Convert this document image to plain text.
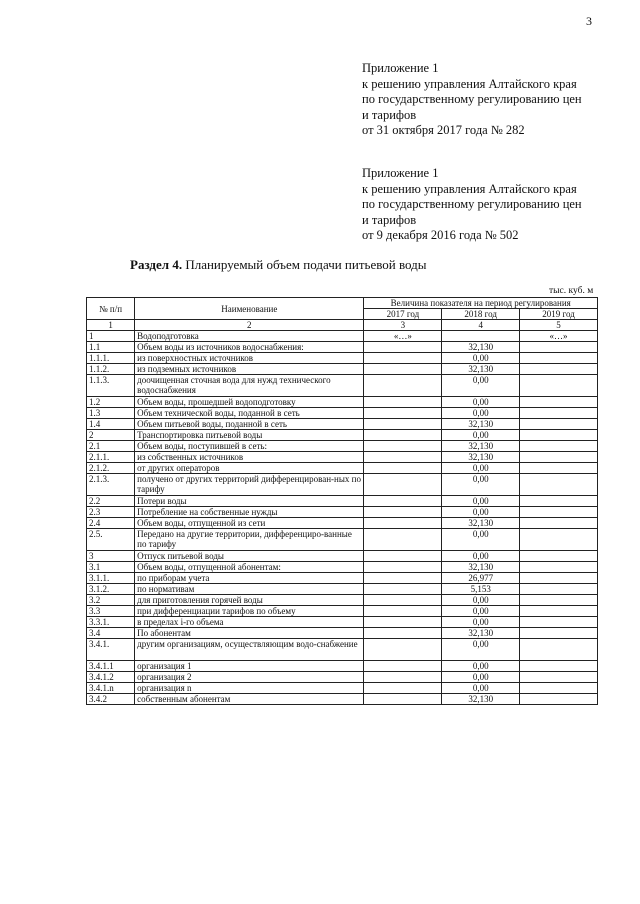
3
Приложение 1
к решению управления Алтайского края
по государственному регулированию цен
и тарифов
от 31 октября 2017 года № 282
Приложение 1
к решению управления Алтайского края
по государственному регулированию цен
и тарифов
от 9 декабря 2016 года № 502
Раздел 4. Планируемый объем подачи питьевой воды
тыс. куб. м
№ п/п	Наименование	Величина показателя на период регулирования		
		2017 год	2018 год	2019 год
1	2	3	4	5
1	Водоподготовка	«…»		«…»
1.1	Объем воды из источников водоснабжения:		32,130	
1.1.1.	из поверхностных источников		0,00	
1.1.2.	из подземных источников		32,130	
1.1.3.	доочищенная сточная вода для нужд технического водоснабжения		0,00	
1.2	Объем воды, прошедшей водоподготовку		0,00	
1.3	Объем технической воды, поданной в сеть		0,00	
1.4	Объем питьевой воды, поданной в сеть		32,130	
2	Транспортировка питьевой воды		0,00	
2.1	Объем воды, поступившей в сеть:		32,130	
2.1.1.	из собственных источников		32,130	
2.1.2.	от других операторов		0,00	
2.1.3.	получено от других территорий дифференцирован-ных по тарифу		0,00	
2.2	Потери воды		0,00	
2.3	Потребление на собственные нужды		0,00	
2.4	Объем воды, отпущенной из сети		32,130	
2.5.	Передано на другие территории, дифференциро-ванные по тарифу		0,00	
3	Отпуск питьевой воды		0,00	
3.1	Объем воды, отпущенной абонентам:		32,130	
3.1.1.	по приборам учета		26,977	
3.1.2.	по нормативам		5,153	
3.2	для приготовления горячей воды		0,00	
3.3	при дифференциации тарифов по объему		0,00	
3.3.1.	в пределах i-го объема		0,00	
3.4	По абонентам		32,130	
3.4.1.	другим организациям, осуществляющим водо-снабжение		0,00	
3.4.1.1	организация 1		0,00	
3.4.1.2	организация 2		0,00	
3.4.1.n	организация n		0,00	
3.4.2	собственным абонентам		32,130	
